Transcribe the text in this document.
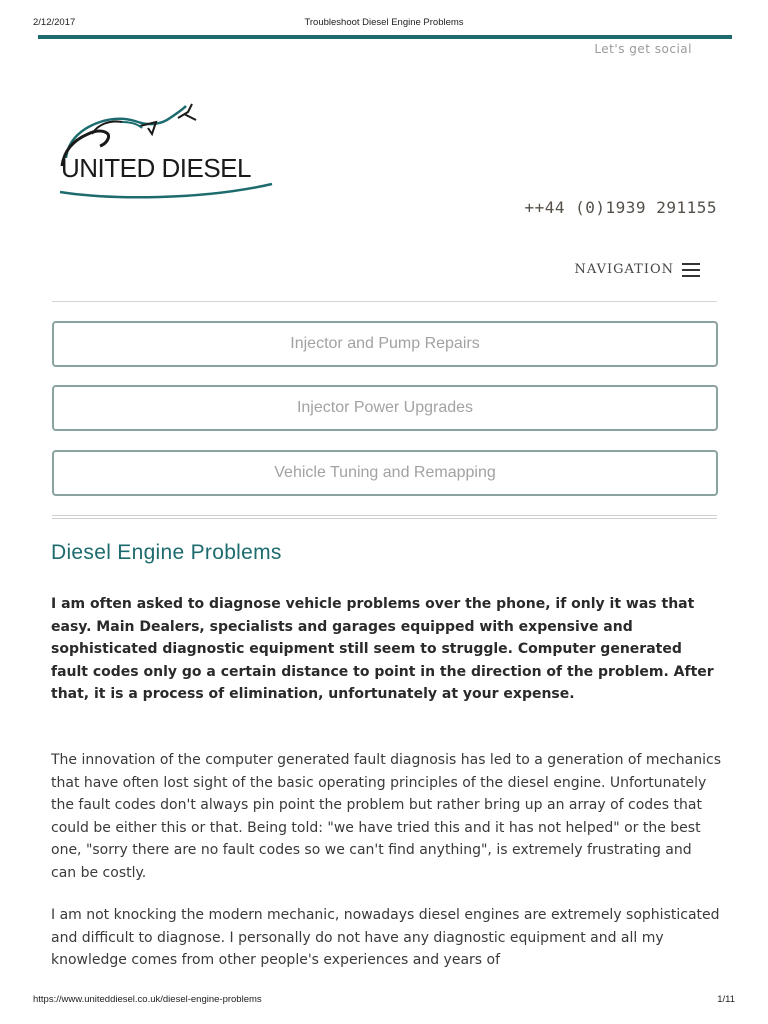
2/12/2017	Troubleshoot Diesel Engine Problems
Let's get social
UNITED DIESEL
++44 (0)1939 291155
NAVIGATION
Injector and Pump Repairs
Injector Power Upgrades
Vehicle Tuning and Remapping
Diesel Engine Problems

I am often asked to diagnose vehicle problems over the phone, if only it was that easy. Main Dealers, specialists and garages equipped with expensive and sophisticated diagnostic equipment still seem to struggle. Computer generated fault codes only go a certain distance to point in the direction of the problem. After that, it is a process of elimination, unfortunately at your expense.

The innovation of the computer generated fault diagnosis has led to a generation of mechanics that have often lost sight of the basic operating principles of the diesel engine. Unfortunately the fault codes don't always pin point the problem but rather bring up an array of codes that could be either this or that. Being told: "we have tried this and it has not helped" or the best one, "sorry there are no fault codes so we can't find anything", is extremely frustrating and can be costly.

I am not knocking the modern mechanic, nowadays diesel engines are extremely sophisticated and difficult to diagnose. I personally do not have any diagnostic equipment and all my knowledge comes from other people's experiences and years of

https://www.uniteddiesel.co.uk/diesel-engine-problems	1/11
